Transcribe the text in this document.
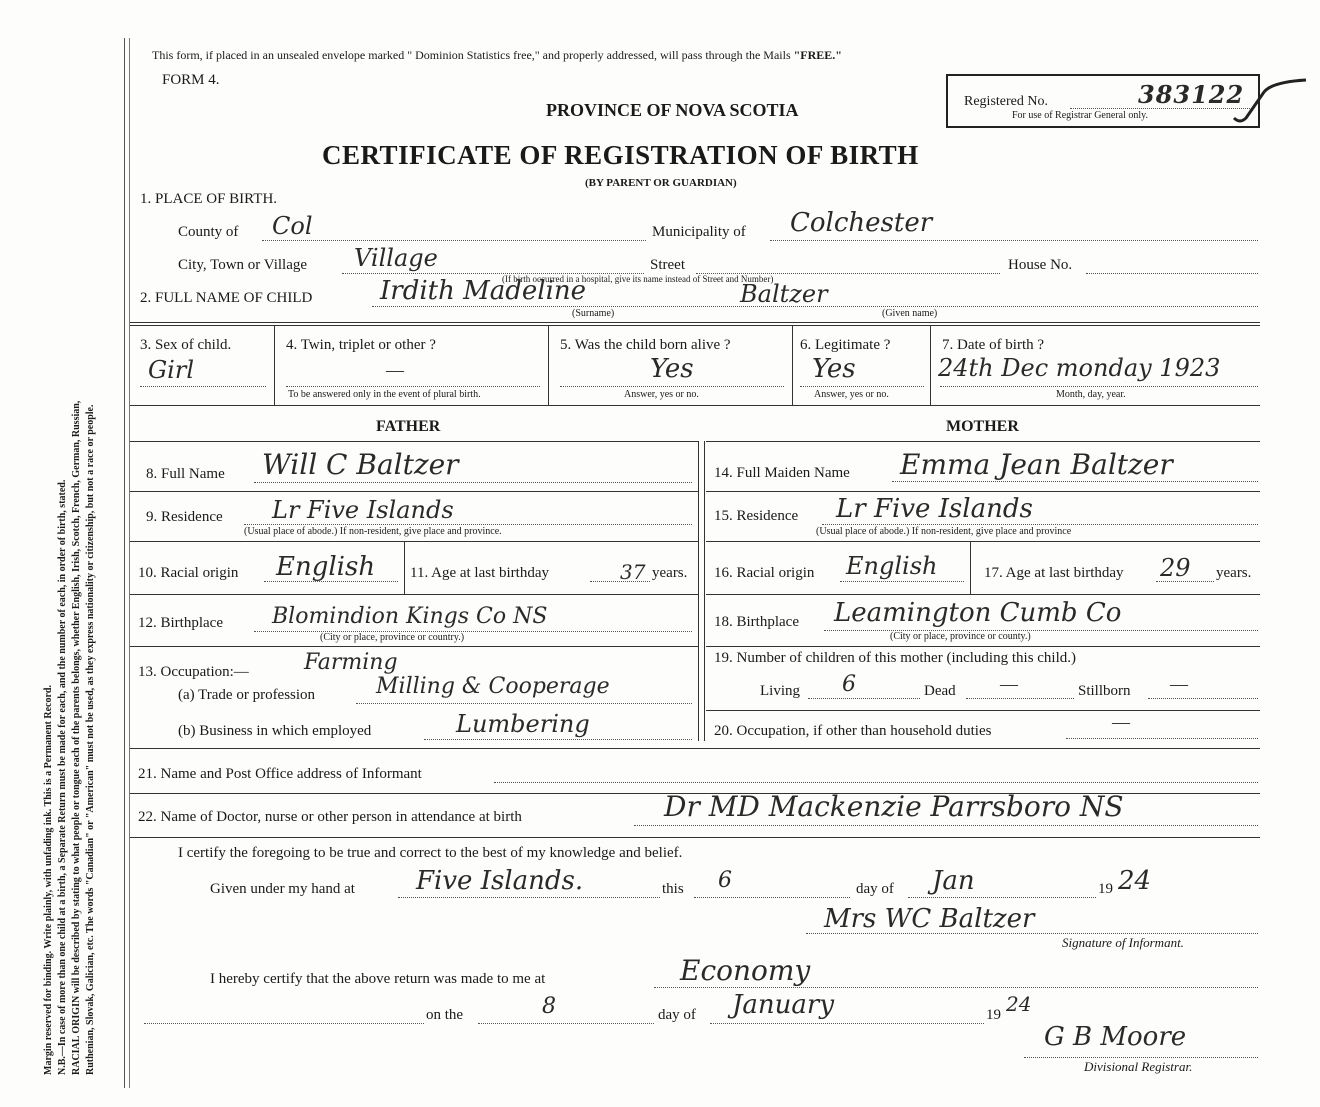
Margin reserved for binding. Write plainly, with unfading ink. This is a Permanent Record. N.B.—In case of more than one child at a birth, a Separate Return must be made for each, and the number of each, in order of birth, stated. RACIAL ORIGIN will be described by stating to what people or tongue each of the parents belongs, whether English, Irish, Scotch, French, German, Russian, Ruthenian, Slovak, Galician, etc. The words "Canadian" or "American" must not be used, as they express nationality or citizenship, but not a race or people.
This form, if placed in an unsealed envelope marked " Dominion Statistics free," and properly addressed, will pass through the Mails "FREE."
FORM 4.
PROVINCE OF NOVA SCOTIA	Registered No.	383122
For use of Registrar General only.
CERTIFICATE OF REGISTRATION OF BIRTH
(BY PARENT OR GUARDIAN)
1. PLACE OF BIRTH.
County of Col	Municipality of Colchester
City, Town or Village Village	Street	House No.
(If birth occurred in a hospital, give its name instead of Street and Number)
2. FULL NAME OF CHILD	Irdith Madeline	Baltzer
(Surname)	(Given name)
3. Sex of child.
Girl
4. Twin, triplet or other ?
—
To be answered only in the event of plural birth.
5. Was the child born alive ?
Yes
Answer, yes or no.
6. Legitimate ?
Yes
Answer, yes or no.
7. Date of birth ?
24th Dec monday 1923
Month, day, year.
FATHER	MOTHER
8. Full Name Will C Baltzer
9. Residence Lr Five Islands
(Usual place of abode.) If non-resident, give place and province.
10. Racial origin English 11. Age at last birthday	37 years.
12. Birthplace Blomindion Kings Co NS
(City or place, province or country.)
13. Occupation:—	Farming
(a) Trade or profession	Milling & Cooperage
(b) Business in which employed	Lumbering
14. Full Maiden Name Emma Jean Baltzer
15. Residence Lr Five Islands
(Usual place of abode.) If non-resident, give place and province
16. Racial origin English	17. Age at last birthday 29 years.
18. Birthplace Leamington Cumb Co
(City or place, province or county.)
19. Number of children of this mother (including this child.)
Living 6	Dead —	Stillborn —
20. Occupation, if other than household duties	—
21. Name and Post Office address of Informant
22. Name of Doctor, nurse or other person in attendance at birth	Dr MD Mackenzie Parrsboro NS
I certify the foregoing to be true and correct to the best of my knowledge and belief.
Given under my hand at Five Islands.	this 6	day of Jan	19 24
Mrs WC Baltzer
Signature of Informant.
I hereby certify that the above return was made to me at	Economy
on the	8	day of January	19 24
G B Moore
Divisional Registrar.
